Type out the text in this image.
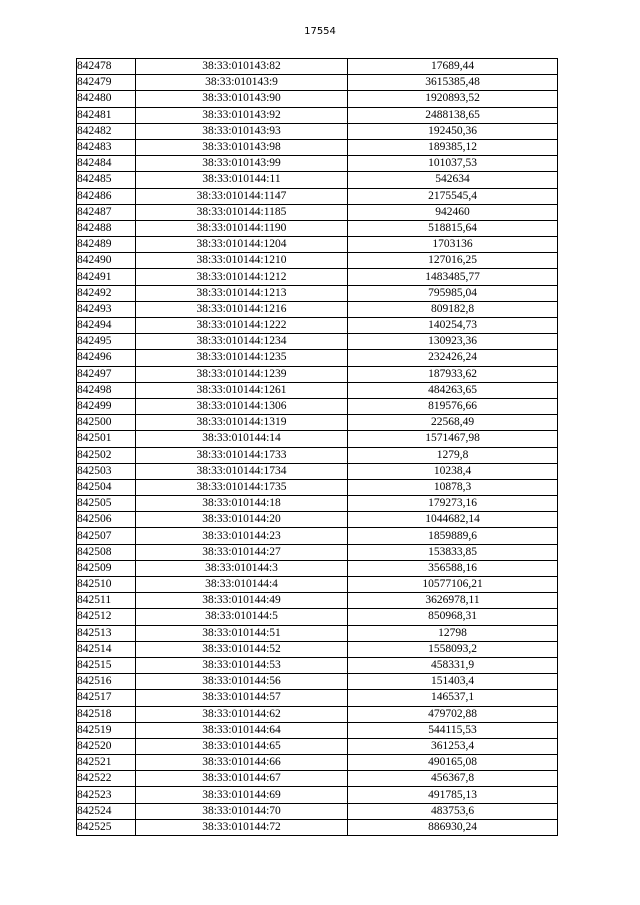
17554
842478	38:33:010143:82	17689,44
842479	38:33:010143:9	3615385,48
842480	38:33:010143:90	1920893,52
842481	38:33:010143:92	2488138,65
842482	38:33:010143:93	192450,36
842483	38:33:010143:98	189385,12
842484	38:33:010143:99	101037,53
842485	38:33:010144:11	542634
842486	38:33:010144:1147	2175545,4
842487	38:33:010144:1185	942460
842488	38:33:010144:1190	518815,64
842489	38:33:010144:1204	1703136
842490	38:33:010144:1210	127016,25
842491	38:33:010144:1212	1483485,77
842492	38:33:010144:1213	795985,04
842493	38:33:010144:1216	809182,8
842494	38:33:010144:1222	140254,73
842495	38:33:010144:1234	130923,36
842496	38:33:010144:1235	232426,24
842497	38:33:010144:1239	187933,62
842498	38:33:010144:1261	484263,65
842499	38:33:010144:1306	819576,66
842500	38:33:010144:1319	22568,49
842501	38:33:010144:14	1571467,98
842502	38:33:010144:1733	1279,8
842503	38:33:010144:1734	10238,4
842504	38:33:010144:1735	10878,3
842505	38:33:010144:18	179273,16
842506	38:33:010144:20	1044682,14
842507	38:33:010144:23	1859889,6
842508	38:33:010144:27	153833,85
842509	38:33:010144:3	356588,16
842510	38:33:010144:4	10577106,21
842511	38:33:010144:49	3626978,11
842512	38:33:010144:5	850968,31
842513	38:33:010144:51	12798
842514	38:33:010144:52	1558093,2
842515	38:33:010144:53	458331,9
842516	38:33:010144:56	151403,4
842517	38:33:010144:57	146537,1
842518	38:33:010144:62	479702,88
842519	38:33:010144:64	544115,53
842520	38:33:010144:65	361253,4
842521	38:33:010144:66	490165,08
842522	38:33:010144:67	456367,8
842523	38:33:010144:69	491785,13
842524	38:33:010144:70	483753,6
842525	38:33:010144:72	886930,24
